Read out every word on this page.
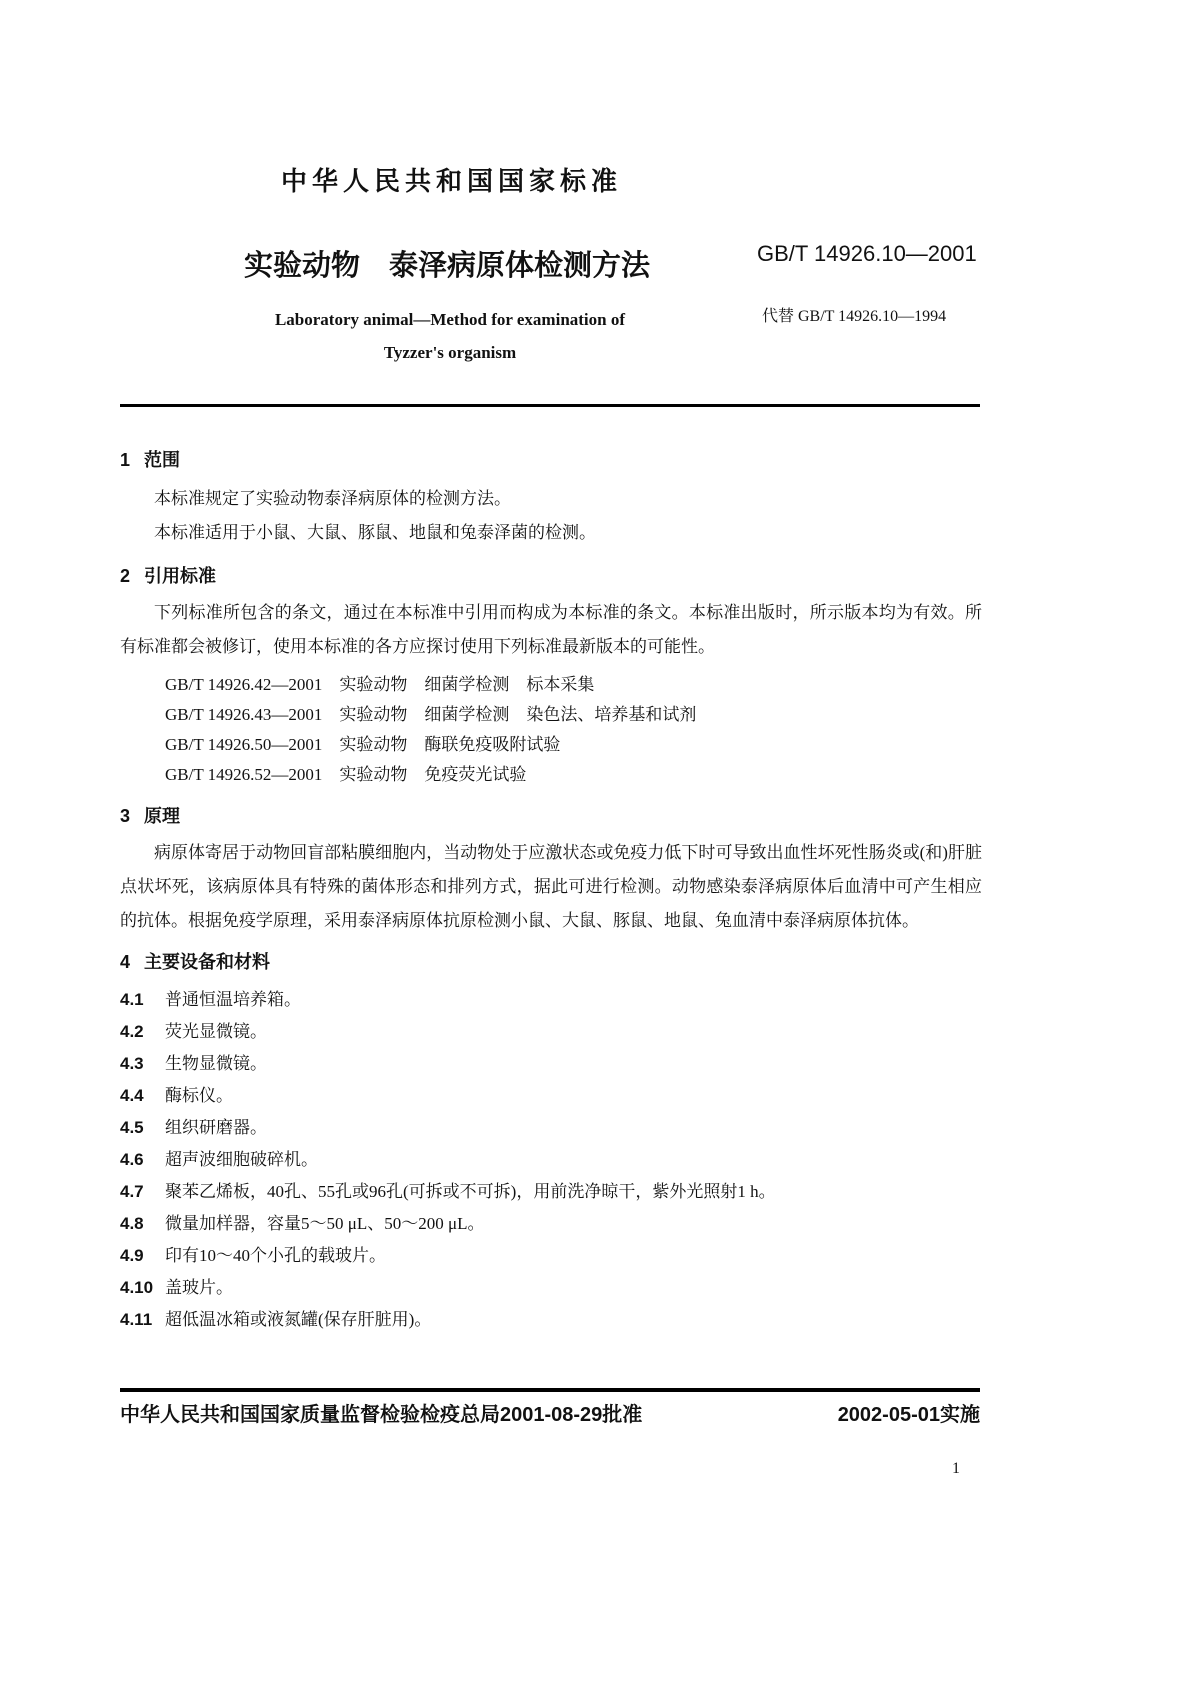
中华人民共和国国家标准
实验动物　泰泽病原体检测方法	GB/T 14926.10—2001
Laboratory animal—Method for examination of
Tyzzer's organism
代替 GB/T 14926.10—1994
1 范围

本标准规定了实验动物泰泽病原体的检测方法。

本标准适用于小鼠、大鼠、豚鼠、地鼠和兔泰泽菌的检测。

2 引用标准

下列标准所包含的条文，通过在本标准中引用而构成为本标准的条文。本标准出版时，所示版本均为有效。所有标准都会被修订，使用本标准的各方应探讨使用下列标准最新版本的可能性。

GB/T 14926.42—2001　实验动物　细菌学检测　标本采集
GB/T 14926.43—2001　实验动物　细菌学检测　染色法、培养基和试剂
GB/T 14926.50—2001　实验动物　酶联免疫吸附试验
GB/T 14926.52—2001　实验动物　免疫荧光试验
3 原理

病原体寄居于动物回盲部粘膜细胞内，当动物处于应激状态或免疫力低下时可导致出血性坏死性肠炎或(和)肝脏点状坏死，该病原体具有特殊的菌体形态和排列方式，据此可进行检测。动物感染泰泽病原体后血清中可产生相应的抗体。根据免疫学原理，采用泰泽病原体抗原检测小鼠、大鼠、豚鼠、地鼠、兔血清中泰泽病原体抗体。

4 主要设备和材料
4.1 普通恒温培养箱。
4.2 荧光显微镜。
4.3 生物显微镜。
4.4 酶标仪。
4.5 组织研磨器。
4.6 超声波细胞破碎机。
4.7 聚苯乙烯板，40孔、55孔或96孔(可拆或不可拆)，用前洗净晾干，紫外光照射1 h。
4.8 微量加样器，容量5～50 μL、50～200 μL。
4.9 印有10～40个小孔的载玻片。
4.10 盖玻片。
4.11 超低温冰箱或液氮罐(保存肝脏用)。
中华人民共和国国家质量监督检验检疫总局2001-08-29批准	2002-05-01实施
1
